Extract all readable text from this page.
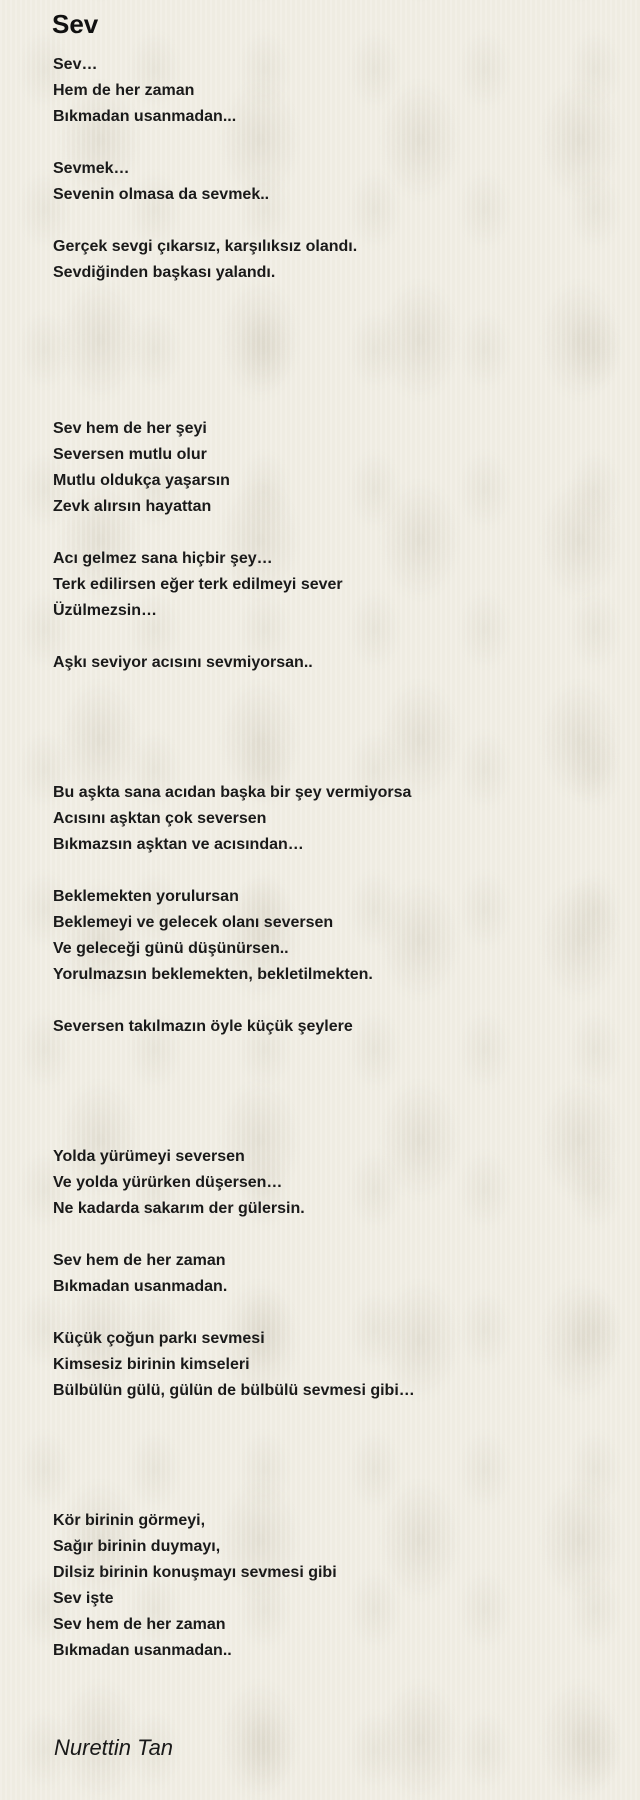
Sev
Sev…
Hem de her zaman
Bıkmadan usanmadan...
Sevmek…
Sevenin olmasa da sevmek..
Gerçek sevgi çıkarsız, karşılıksız olandı.
Sevdiğinden başkası yalandı.
Sev hem de her şeyi
Seversen mutlu olur
Mutlu oldukça yaşarsın
Zevk alırsın hayattan
Acı gelmez sana hiçbir şey…
Terk edilirsen eğer terk edilmeyi sever
Üzülmezsin…
Aşkı seviyor acısını sevmiyorsan..
Bu aşkta sana acıdan başka bir şey vermiyorsa
Acısını aşktan çok seversen
Bıkmazsın aşktan ve acısından…
Beklemekten yorulursan
Beklemeyi ve gelecek olanı seversen
Ve geleceği günü düşünürsen..
Yorulmazsın beklemekten, bekletilmekten.
Seversen takılmazın öyle küçük şeylere
Yolda yürümeyi seversen
Ve yolda yürürken düşersen…
Ne kadarda sakarım der gülersin.
Sev hem de her zaman
Bıkmadan usanmadan.
Küçük çoğun parkı sevmesi
Kimsesiz birinin kimseleri
Bülbülün gülü, gülün de bülbülü sevmesi gibi…
Kör birinin görmeyi,
Sağır birinin duymayı,
Dilsiz birinin konuşmayı sevmesi gibi
Sev işte
Sev hem de her zaman
Bıkmadan usanmadan..
Nurettin Tan
